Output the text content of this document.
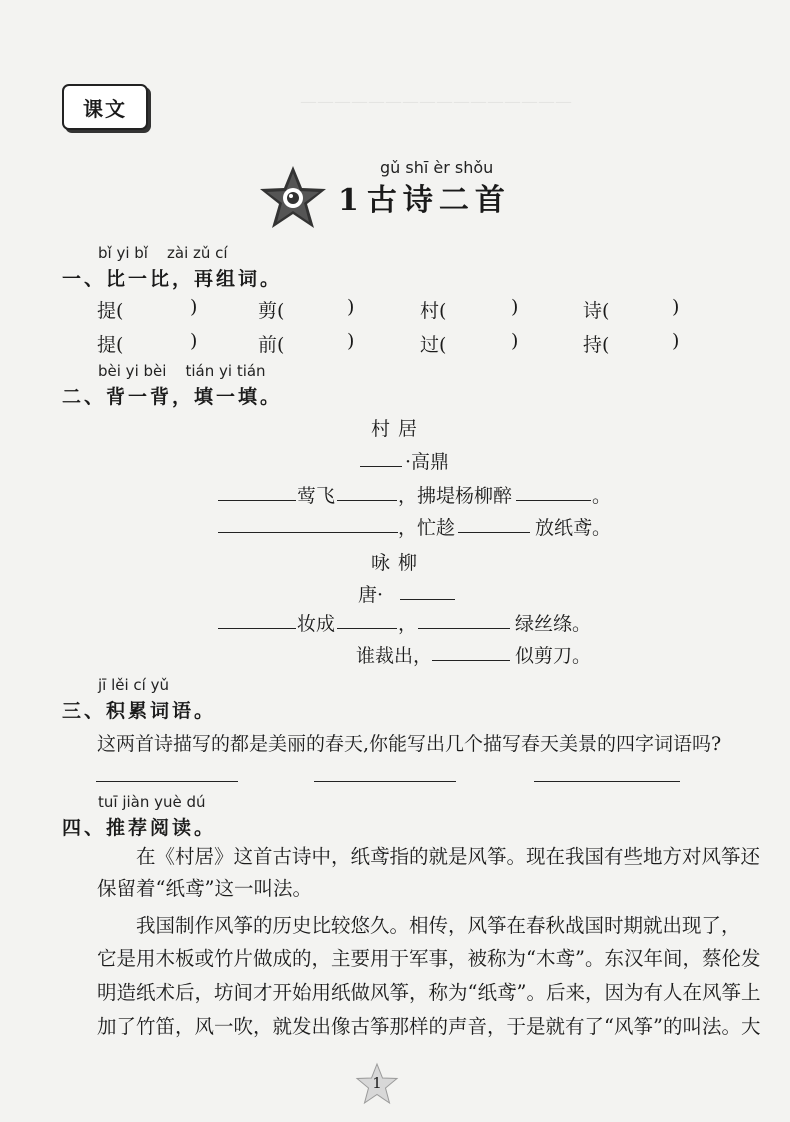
————————————————
课文
gǔ shī èr shǒu
1 古诗二首
bǐ yi bǐ    zài zǔ cí
一、比一比，再组词。
提(	)	剪(	)	村(	)	诗(	)
提(	)	前(	)	过(	)	持(	)
bèi yi bèi    tián yi tián
二、背一背，填一填。
村居
·高鼎
莺飞	，拂堤杨柳醉	。
，忙趁	放纸鸢。
咏柳
唐·
妆成	，	绿丝绦。
谁裁出，	似剪刀。
jī lěi cí yǔ
三、积累词语。
这两首诗描写的都是美丽的春天,你能写出几个描写春天美景的四字词语吗?
tuī jiàn yuè dú
四、推荐阅读。
在《村居》这首古诗中，纸鸢指的就是风筝。现在我国有些地方对风筝还
保留着“纸鸢”这一叫法。
我国制作风筝的历史比较悠久。相传，风筝在春秋战国时期就出现了，
它是用木板或竹片做成的，主要用于军事，被称为“木鸢”。东汉年间，蔡伦发
明造纸术后，坊间才开始用纸做风筝，称为“纸鸢”。后来，因为有人在风筝上
加了竹笛，风一吹，就发出像古筝那样的声音，于是就有了“风筝”的叫法。大
1
